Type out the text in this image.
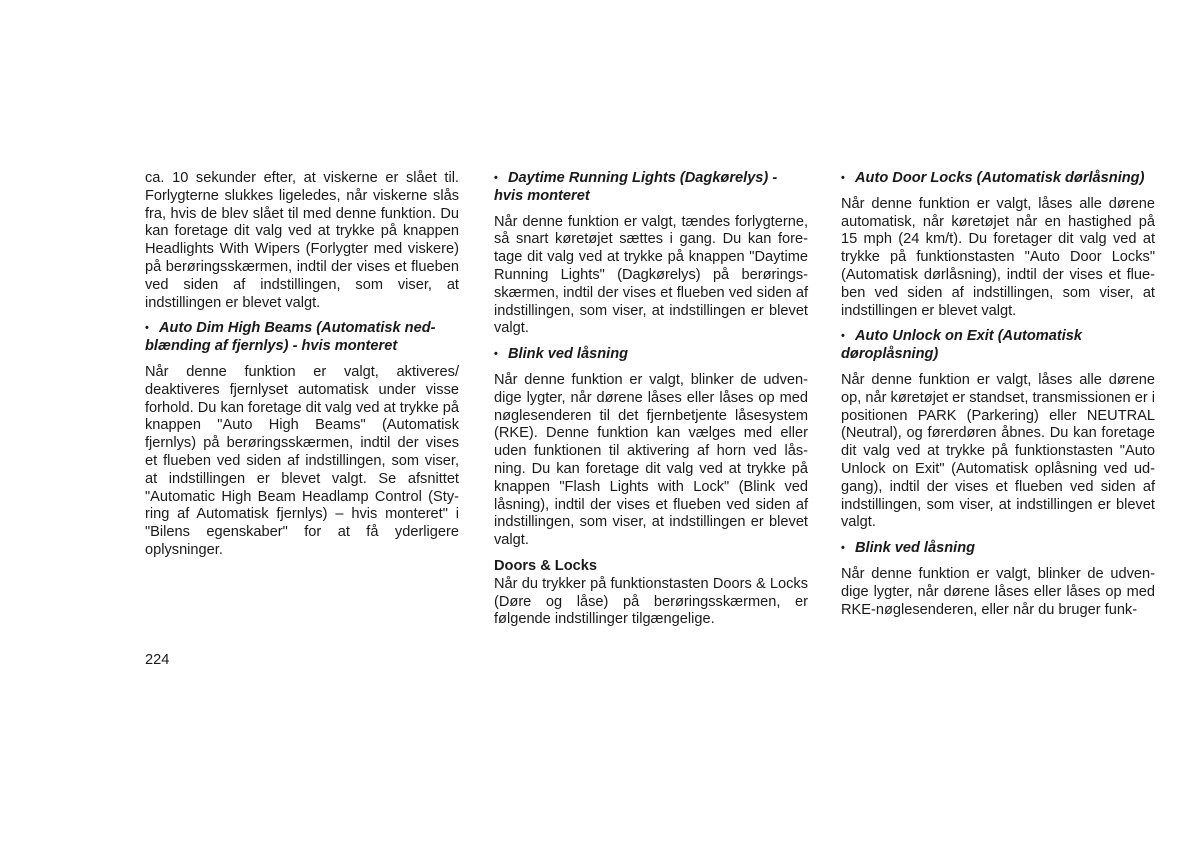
ca. 10 sekunder efter, at viskerne er slået til. Forlygterne slukkes ligeledes, når viskerne slås fra, hvis de blev slået til med denne funktion. Du kan foretage dit valg ved at trykke på knappen Headlights With Wipers (Forlygter med viskere) på berøringsskærmen, indtil der vises et flueben ved siden af indstillingen, som viser, at indstillingen er blevet valgt.

• Auto Dim High Beams (Automatisk nedblænding af fjernlys) - hvis monteret

Når denne funktion er valgt, aktiveres/ deaktiveres fjernlyset automatisk under visse forhold. Du kan foretage dit valg ved at trykke på knappen "Auto High Beams" (Automatisk fjernlys) på berøringsskærmen, indtil der vises et flueben ved siden af indstillingen, som viser, at indstillingen er blevet valgt. Se afsnittet "Automatic High Beam Headlamp Control (Styring af Automatisk fjernlys) – hvis monteret" i "Bilens egenskaber" for at få yderligere oplysninger.

• Daytime Running Lights (Dagkørelys) - hvis monteret

Når denne funktion er valgt, tændes forlygterne, så snart køretøjet sættes i gang. Du kan foretage dit valg ved at trykke på knappen "Daytime Running Lights" (Dagkørelys) på berøringsskærmen, indtil der vises et flueben ved siden af indstillingen, som viser, at indstillingen er blevet valgt.

• Blink ved låsning

Når denne funktion er valgt, blinker de udvendige lygter, når dørene låses eller låses op med nøglesenderen til det fjernbetjente låsesystem (RKE). Denne funktion kan vælges med eller uden funktionen til aktivering af horn ved låsning. Du kan foretage dit valg ved at trykke på knappen "Flash Lights with Lock" (Blink ved låsning), indtil der vises et flueben ved siden af indstillingen, som viser, at indstillingen er blevet valgt.

Doors & Locks

Når du trykker på funktionstasten Doors & Locks (Døre og låse) på berøringsskærmen, er følgende indstillinger tilgængelige.

• Auto Door Locks (Automatisk dørlåsning)

Når denne funktion er valgt, låses alle dørene automatisk, når køretøjet når en hastighed på 15 mph (24 km/t). Du foretager dit valg ved at trykke på funktionstasten "Auto Door Locks" (Automatisk dørlåsning), indtil der vises et flueben ved siden af indstillingen, som viser, at indstillingen er blevet valgt.

• Auto Unlock on Exit (Automatisk døroplåsning)

Når denne funktion er valgt, låses alle dørene op, når køretøjet er standset, transmissionen er i positionen PARK (Parkering) eller NEUTRAL (Neutral), og førerdøren åbnes. Du kan foretage dit valg ved at trykke på funktionstasten "Auto Unlock on Exit" (Automatisk oplåsning ved udgang), indtil der vises et flueben ved siden af indstillingen, som viser, at indstillingen er blevet valgt.

• Blink ved låsning

Når denne funktion er valgt, blinker de udvendige lygter, når dørene låses eller låses op med RKE-nøglesenderen, eller når du bruger funk-

224
